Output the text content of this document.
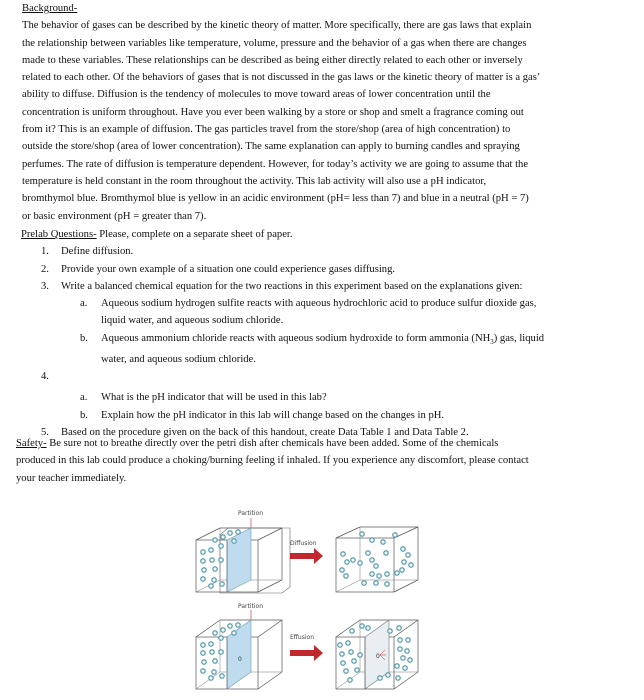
Background-

The behavior of gases can be described by the kinetic theory of matter. More specifically, there are gas laws that explain

the relationship between variables like temperature, volume, pressure and the behavior of a gas when there are changes

made to these variables. These relationships can be described as being either directly related to each other or inversely

related to each other. Of the behaviors of gases that is not discussed in the gas laws or the kinetic theory of matter is a gas’

ability to diffuse. Diffusion is the tendency of molecules to move toward areas of lower concentration until the

concentration is uniform throughout. Have you ever been walking by a store or shop and smelt a fragrance coming out

from it? This is an example of diffusion. The gas particles travel from the store/shop (area of high concentration) to

outside the store/shop (area of lower concentration). The same explanation can apply to burning candles and spraying

perfumes. The rate of diffusion is temperature dependent. However, for today’s activity we are going to assume that the

temperature is held constant in the room throughout the activity. This lab activity will also use a pH indicator,

bromthymol blue. Bromthymol blue is yellow in an acidic environment (pH= less than 7) and blue in a neutral (pH = 7)

or basic environment (pH = greater than 7).

Prelab Questions- Please, complete on a separate sheet of paper.
1. Define diffusion.
2. Provide your own example of a situation one could experience gases diffusing.
3. Write a balanced chemical equation for the two reactions in this experiment based on the explanations given:
a. Aqueous sodium hydrogen sulfite reacts with aqueous hydrochloric acid to produce sulfur dioxide gas,
liquid water, and aqueous sodium chloride.
b. Aqueous ammonium chloride reacts with aqueous sodium hydroxide to form ammonia $(NH_3)$ gas, liquid
water, and aqueous sodium chloride.
4.
a. What is the pH indicator that will be used in this lab?
b. Explain how the pH indicator in this lab will change based on the changes in pH.
5. Based on the procedure given on the back of this handout, create Data Table 1 and Data Table 2.
Safety- Be sure not to breathe directly over the petri dish after chemicals have been added. Some of the chemicals
produced in this lab could produce a choking/burning feeling if inhaled. If you experience any discomfort, please contact
your teacher immediately.
Partition
Diffusion
Partition
0
Effusion
0
